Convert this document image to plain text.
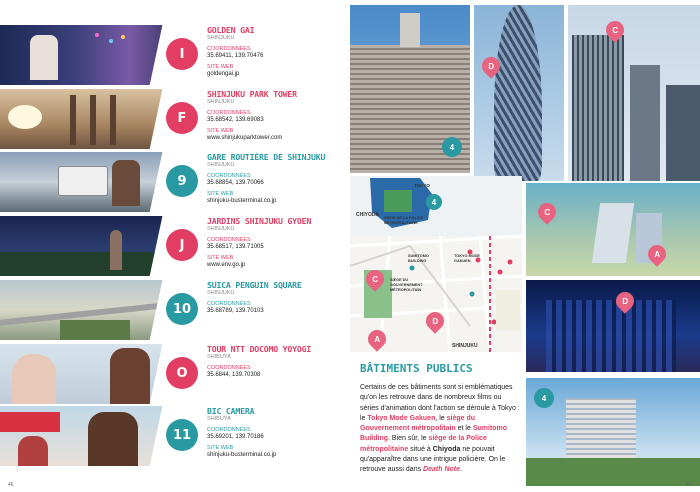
I
GOLDEN GAI
SHINJUKU
COORDONNÉES
35.69411, 139.70476
SITE WEB
goldengai.jp
F
SHINJUKU PARK TOWER
SHINJUKU
COORDONNÉES
35.68542, 139.69083
SITE WEB
www.shinjukuparktower.com
9
GARE ROUTIÈRE DE SHINJUKU
SHINJUKU
COORDONNÉES
35.68854, 139.70066
SITE WEB
shinjuku-busterminal.co.jp
J
JARDINS SHINJUKU GYOEN
SHINJUKU
COORDONNÉES
35.68517, 139.71005
SITE WEB
www.env.go.jp
10
SUICA PENGUIN SQUARE
SHINJUKU
COORDONNÉES
35.68789, 139.70103
O
TOUR NTT DOCOMO YOYOGI
SHIBUYA
COORDONNÉES
35.6844, 139.70308
11
BIC CAMERA
SHIBUYA
COORDONNÉES
35.69201, 139.70186
SITE WEB
shinjuku-busterminal.co.jp
46
4
D
C
TOKYO
CHIYODA SIÈGE DE LA POLICE MÉTROPOLITAINE
SUMITOMO BUILDING
TOKYO MODE GAKUEN
SIÈGE DU GOUVERNEMENT MÉTROPOLITAIN
SHINJUKU
4
C
D
A
C
A
D
4
BÂTIMENTS PUBLICS
Certains de ces bâtiments sont si emblématiques qu'on les retrouve dans de nombreux films ou séries d'animation dont l'action se déroule à Tokyo : le Tokyo Mode Gakuen, le siège du Gouvernement métropolitain et le Sumitomo Building. Bien sûr, le siège de la Police métropolitaine situé à Chiyoda ne pouvait qu'apparaître dans une intrigue policière. On le retrouve aussi dans Death Note.
47
